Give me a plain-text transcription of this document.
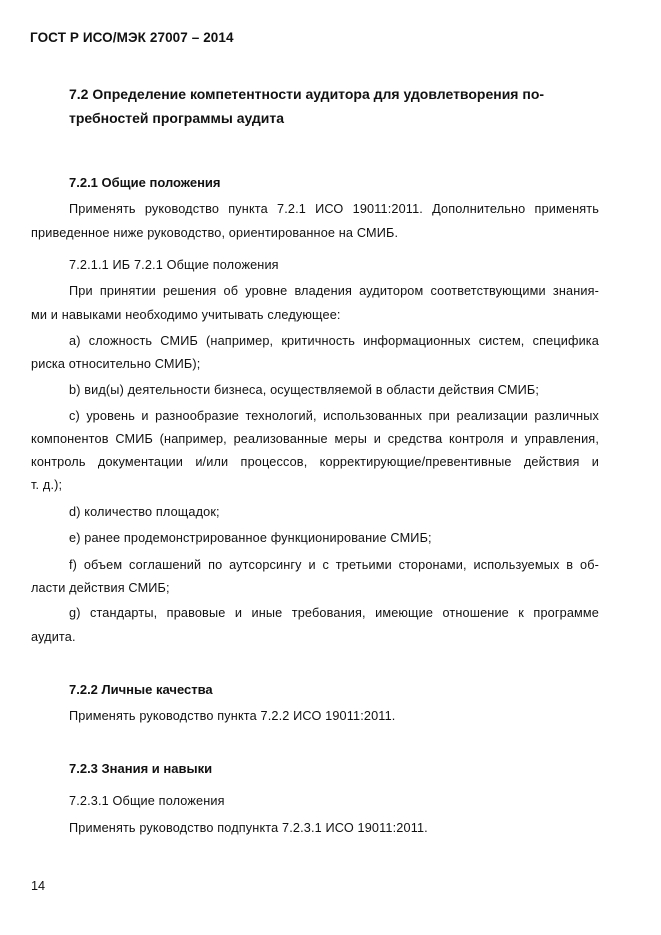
ГОСТ Р ИСО/МЭК 27007 – 2014
7.2 Определение компетентности аудитора для удовлетворения по-
требностей программы аудита
7.2.1 Общие положения
Применять руководство пункта 7.2.1 ИСО 19011:2011. Дополнительно применять
приведенное ниже руководство, ориентированное на СМИБ.
7.2.1.1 ИБ 7.2.1 Общие положения
При принятии решения об уровне владения аудитором соответствующими знания-
ми и навыками необходимо учитывать следующее:
a) сложность СМИБ (например, критичность информационных систем, специфика
риска относительно СМИБ);
b) вид(ы) деятельности бизнеса, осуществляемой в области действия СМИБ;
c) уровень и разнообразие технологий, использованных при реализации различных
компонентов СМИБ (например, реализованные меры и средства контроля и управления,
контроль документации и/или процессов, корректирующие/превентивные действия и
т. д.);
d) количество площадок;
e) ранее продемонстрированное функционирование СМИБ;
f) объем соглашений по аутсорсингу и с третьими сторонами, используемых в об-
ласти действия СМИБ;
g) стандарты, правовые и иные требования, имеющие отношение к программе
аудита.
7.2.2 Личные качества
Применять руководство пункта 7.2.2 ИСО 19011:2011.
7.2.3 Знания и навыки
7.2.3.1 Общие положения
Применять руководство подпункта 7.2.3.1 ИСО 19011:2011.
14
